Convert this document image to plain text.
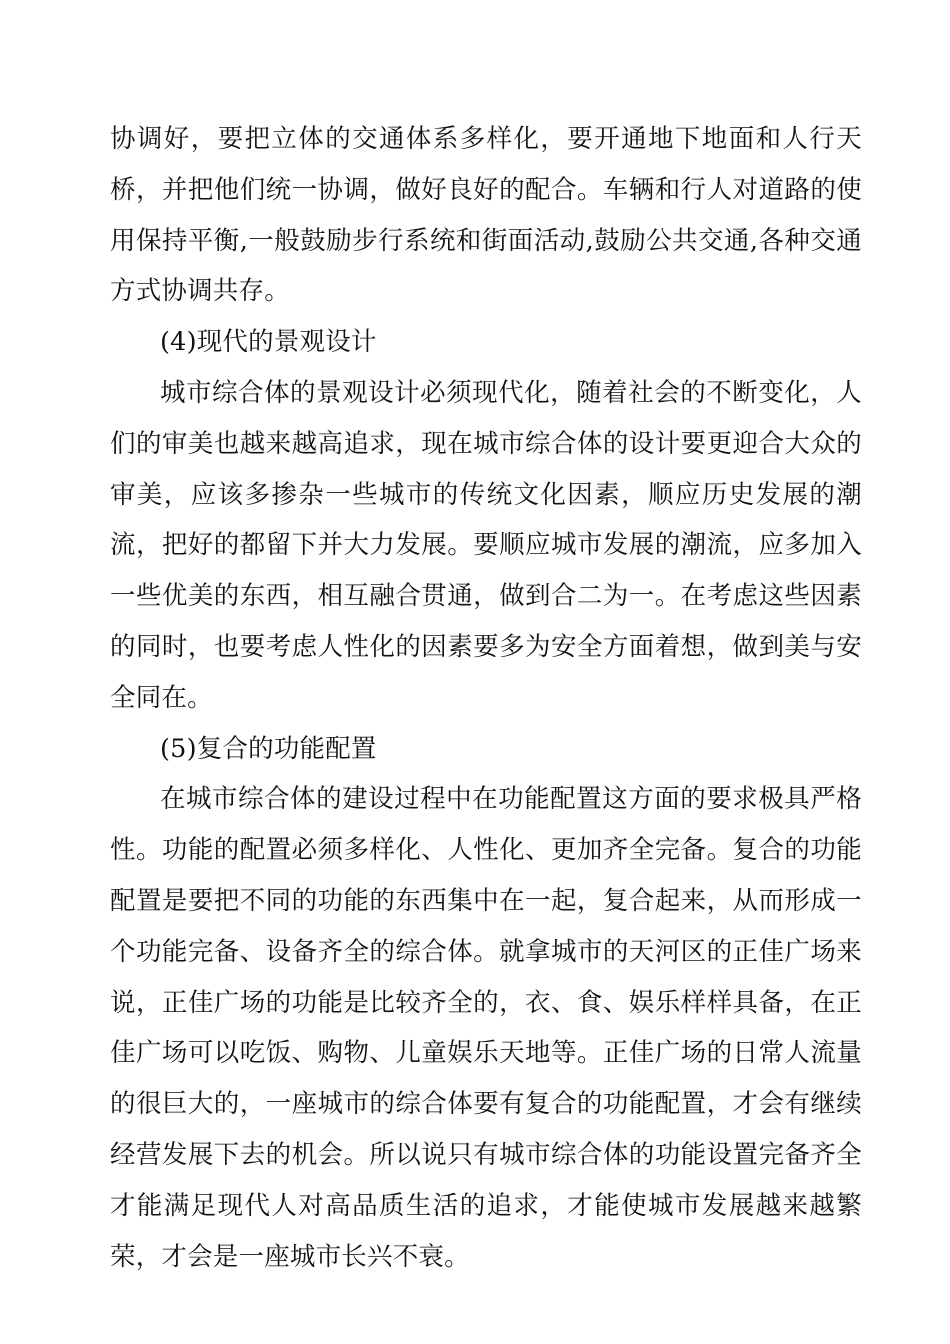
协调好，要把立体的交通体系多样化，要开通地下地面和人行天桥，并把他们统一协调，做好良好的配合。车辆和行人对道路的使用保持平衡,一般鼓励步行系统和街面活动,鼓励公共交通,各种交通方式协调共存。

(4)现代的景观设计

城市综合体的景观设计必须现代化，随着社会的不断变化，人们的审美也越来越高追求，现在城市综合体的设计要更迎合大众的审美，应该多掺杂一些城市的传统文化因素，顺应历史发展的潮流，把好的都留下并大力发展。要顺应城市发展的潮流，应多加入一些优美的东西，相互融合贯通，做到合二为一。在考虑这些因素的同时，也要考虑人性化的因素要多为安全方面着想，做到美与安全同在。

(5)复合的功能配置

在城市综合体的建设过程中在功能配置这方面的要求极具严格性。功能的配置必须多样化、人性化、更加齐全完备。复合的功能配置是要把不同的功能的东西集中在一起，复合起来，从而形成一个功能完备、设备齐全的综合体。就拿城市的天河区的正佳广场来说，正佳广场的功能是比较齐全的，衣、食、娱乐样样具备，在正佳广场可以吃饭、购物、儿童娱乐天地等。正佳广场的日常人流量的很巨大的，一座城市的综合体要有复合的功能配置，才会有继续经营发展下去的机会。所以说只有城市综合体的功能设置完备齐全才能满足现代人对高品质生活的追求，才能使城市发展越来越繁荣，才会是一座城市长兴不衰。
